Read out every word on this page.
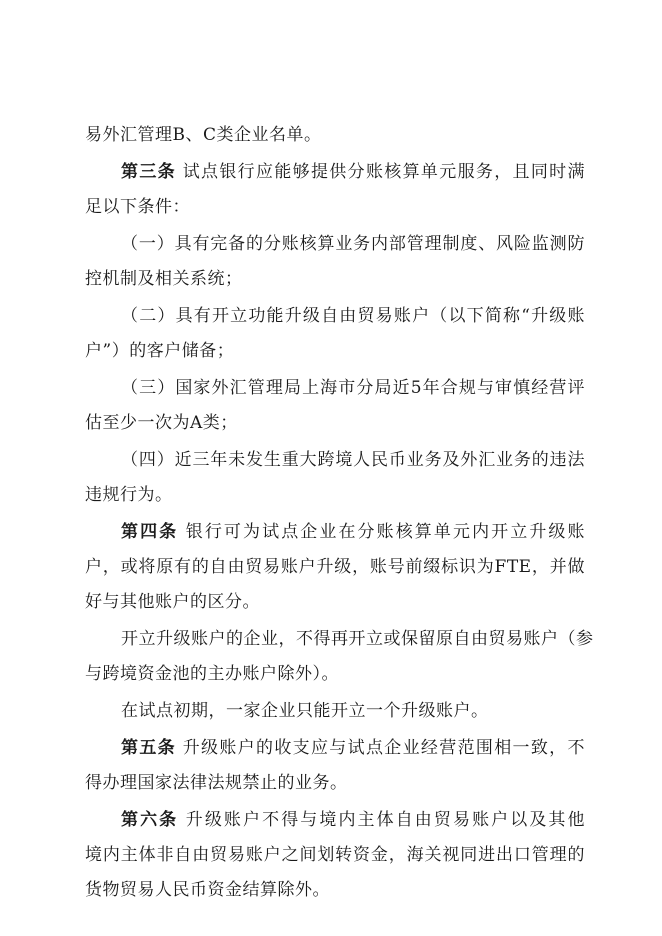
易外汇管理B、C类企业名单。
第三条 试点银行应能够提供分账核算单元服务，且同时满
足以下条件：
（一）具有完备的分账核算业务内部管理制度、风险监测防
控机制及相关系统；
（二）具有开立功能升级自由贸易账户（以下简称“升级账
户”）的客户储备；
（三）国家外汇管理局上海市分局近5年合规与审慎经营评
估至少一次为A类；
（四）近三年未发生重大跨境人民币业务及外汇业务的违法
违规行为。
第四条 银行可为试点企业在分账核算单元内开立升级账
户，或将原有的自由贸易账户升级，账号前缀标识为FTE，并做
好与其他账户的区分。
开立升级账户的企业，不得再开立或保留原自由贸易账户（参
与跨境资金池的主办账户除外）。
在试点初期，一家企业只能开立一个升级账户。
第五条 升级账户的收支应与试点企业经营范围相一致，不
得办理国家法律法规禁止的业务。
第六条 升级账户不得与境内主体自由贸易账户以及其他
境内主体非自由贸易账户之间划转资金，海关视同进出口管理的
货物贸易人民币资金结算除外。
